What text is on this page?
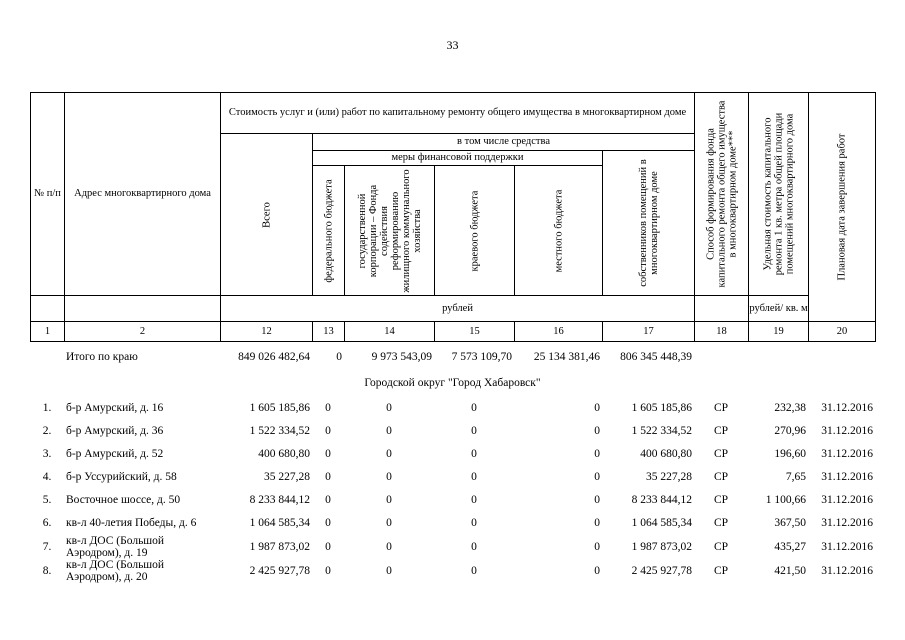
33
№ п/п	Адрес многоквартирного дома	Стоимость услуг и (или) работ по капитальному ремонту общего имущества в многоквартирном доме						Способ формирования фонда капитального ремонта общего имущества в многоквартирном доме***	Удельная стоимость капитального ремонта 1 кв. метра общей площади помещений многоквартирного дома	Плановая дата завершения работ

		Всего	в том числе средства							
			меры финансовой поддержки				собственников помещений в многоквартирном доме			

			федерального бюджета	государственной корпорации – Фонда содействия реформированию жилищного коммунального хозяйства	краевого бюджета	местного бюджета				

		рублей							рублей/ кв. м	
1	2	12	13	14	15	16	17	18	19	20
	Итого по краю	849 026 482,64	0	9 973 543,09	7 573 109,70	25 134 381,46	806 345 448,39			
Городской округ "Город Хабаровск"										
1.	б-р Амурский, д. 16	1 605 185,86	0	0	0	0	1 605 185,86	СР	232,38	31.12.2016
2.	б-р Амурский, д. 36	1 522 334,52	0	0	0	0	1 522 334,52	СР	270,96	31.12.2016
3.	б-р Амурский, д. 52	400 680,80	0	0	0	0	400 680,80	СР	196,60	31.12.2016
4.	б-р Уссурийский, д. 58	35 227,28	0	0	0	0	35 227,28	СР	7,65	31.12.2016
5.	Восточное шоссе, д. 50	8 233 844,12	0	0	0	0	8 233 844,12	СР	1 100,66	31.12.2016
6.	кв-л 40-летия Победы, д. 6	1 064 585,34	0	0	0	0	1 064 585,34	СР	367,50	31.12.2016
7.	кв-л ДОС (Большой Аэродром), д. 19	1 987 873,02	0	0	0	0	1 987 873,02	СР	435,27	31.12.2016
8.	кв-л ДОС (Большой Аэродром), д. 20	2 425 927,78	0	0	0	0	2 425 927,78	СР	421,50	31.12.2016
